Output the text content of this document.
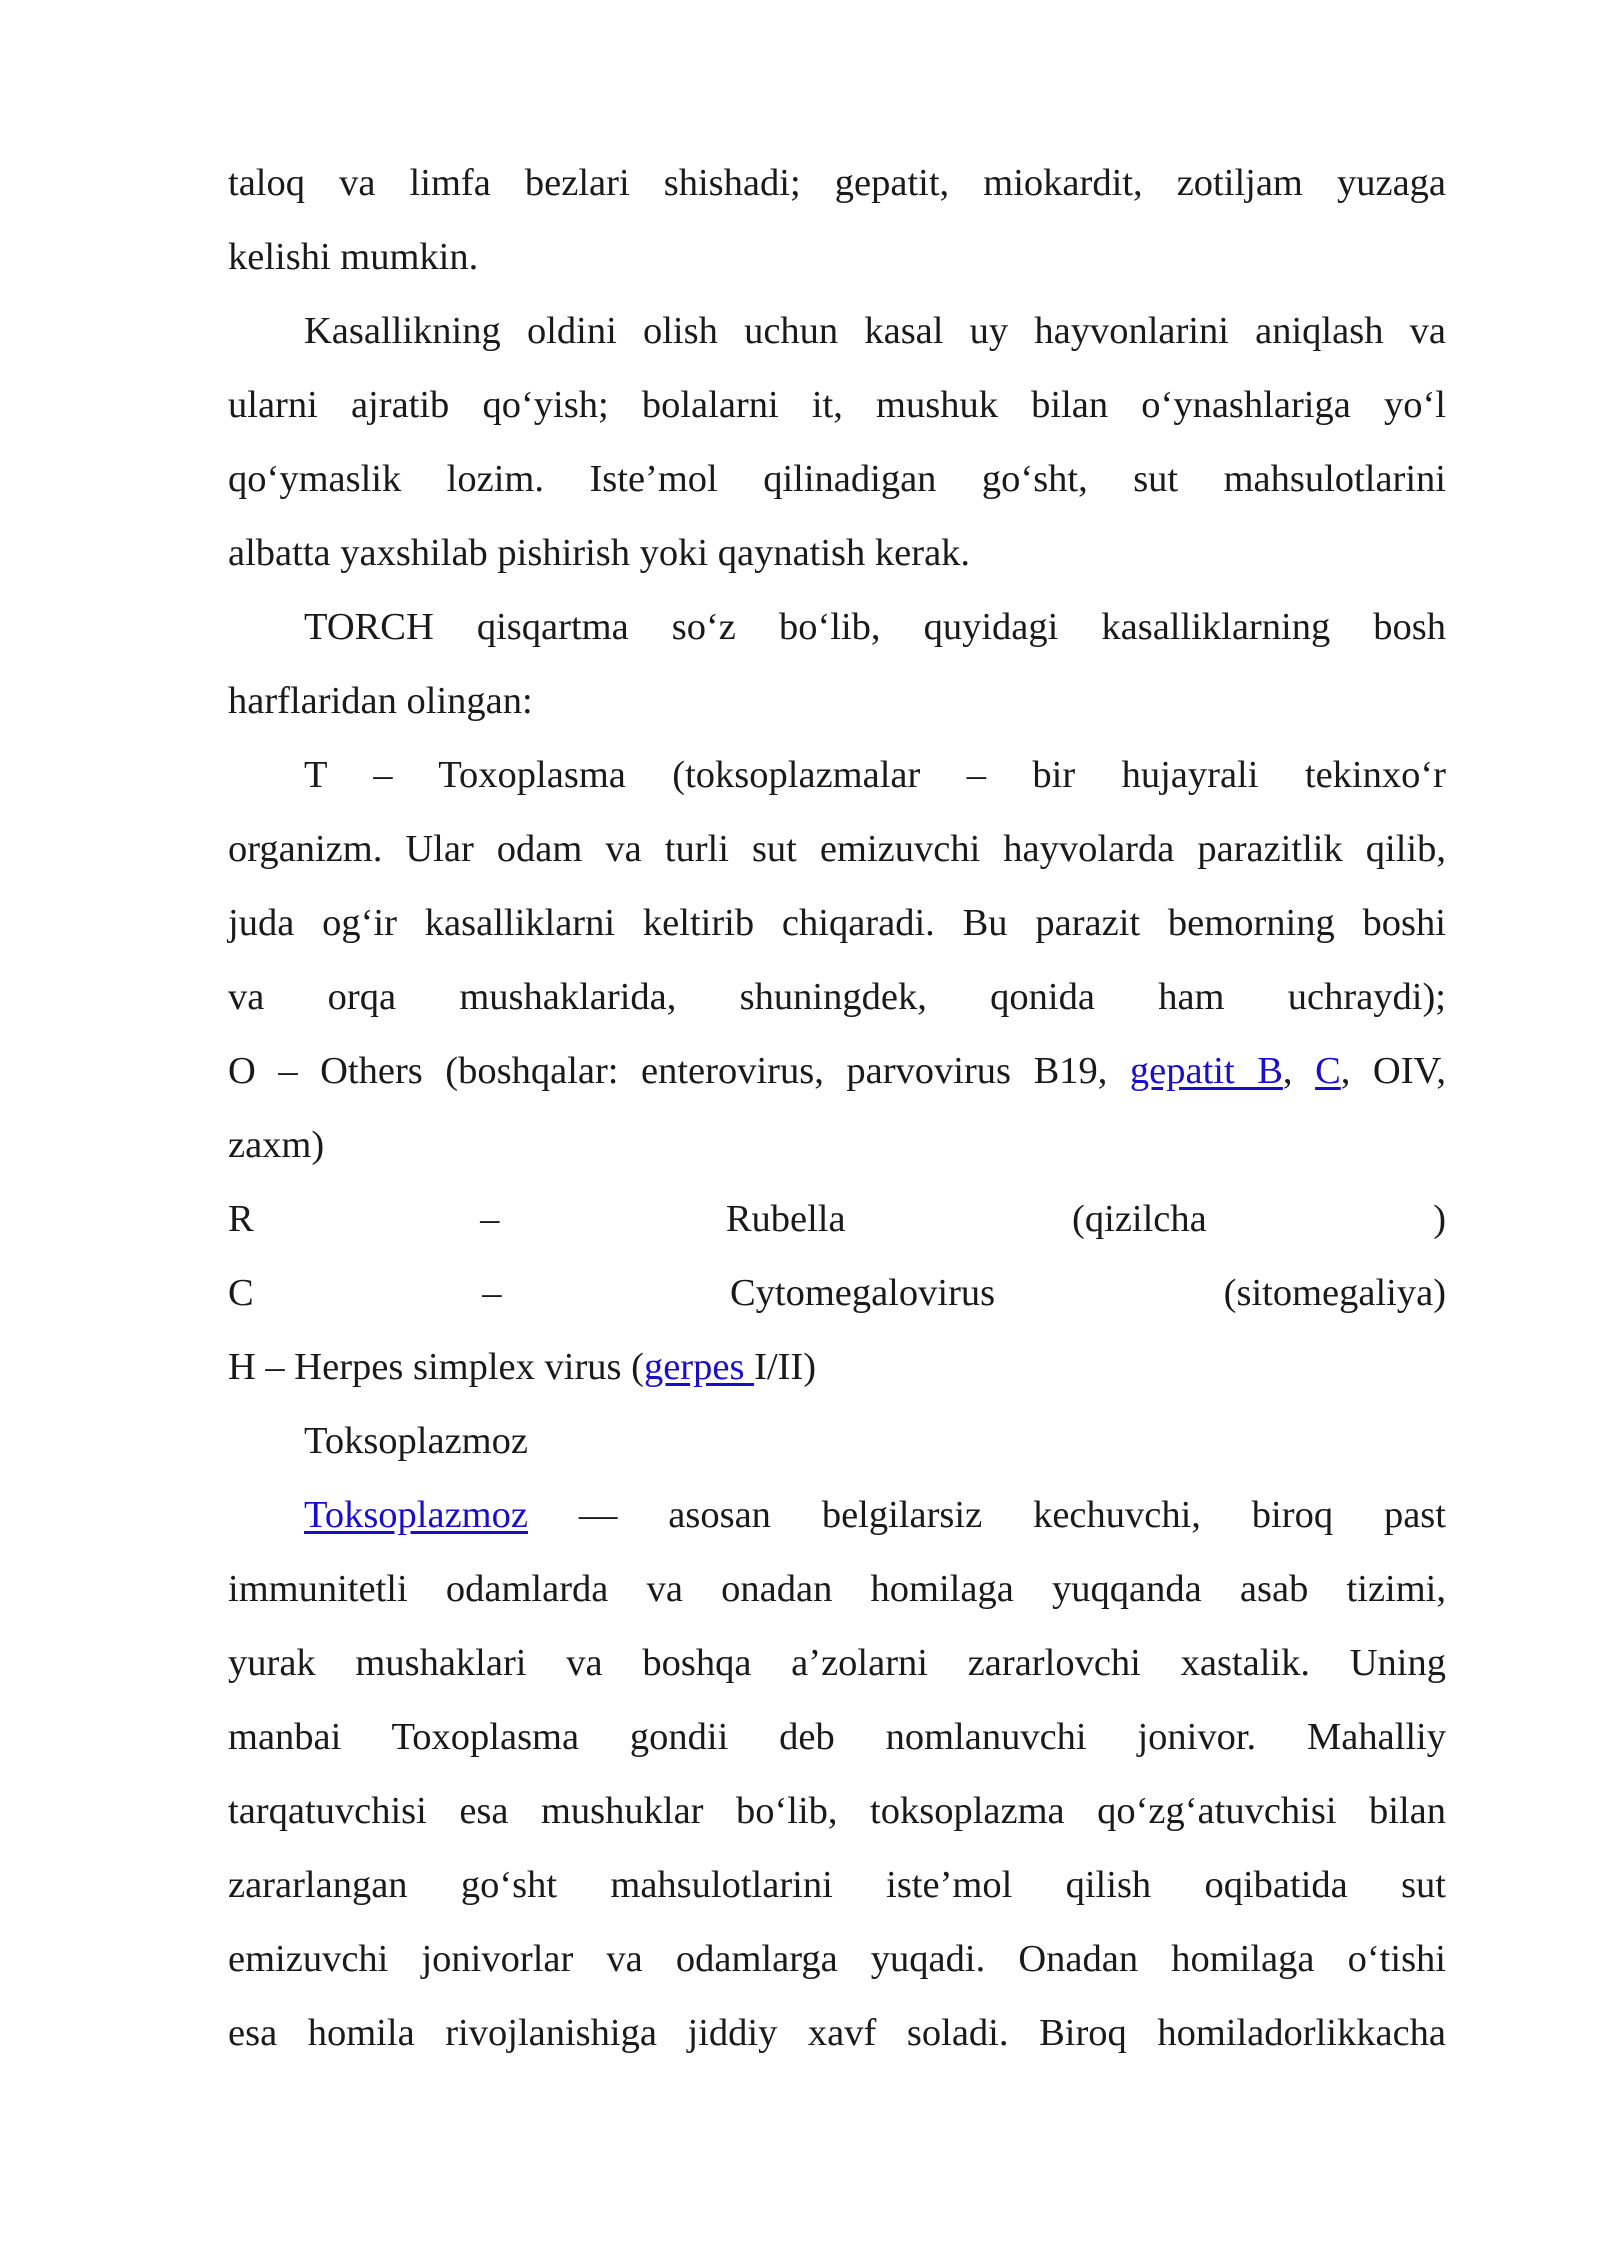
taloq va limfa bezlari shishadi; gepatit, miokardit, zotiljam yuzaga
kelishi mumkin.
Kasallikning oldini olish uchun kasal uy hayvonlarini aniqlash va
ularni ajratib qo‘yish; bolalarni it, mushuk bilan o‘ynashlariga yo‘l
qo‘ymaslik lozim. Iste’mol qilinadigan go‘sht, sut mahsulotlarini
albatta yaxshilab pishirish yoki qaynatish kerak.
TORCH qisqartma so‘z bo‘lib, quyidagi kasalliklarning bosh
harflaridan olingan:
T – Toxoplasma (toksoplazmalar – bir hujayrali tekinxo‘r
organizm. Ular odam va turli sut emizuvchi hayvolarda parazitlik qilib,
juda og‘ir kasalliklarni keltirib chiqaradi. Bu parazit bemorning boshi
va orqa mushaklarida, shuningdek, qonida ham uchraydi);
O – Others (boshqalar: enterovirus, parvovirus B19, gepatit B, C, OIV,
zaxm)
R	–	Rubella	(qizilcha	)
C	–	Cytomegalovirus	(sitomegaliya)
H – Herpes simplex virus (gerpes I/II)
Toksoplazmoz
Toksoplazmoz — asosan belgilarsiz kechuvchi, biroq past
immunitetli odamlarda va onadan homilaga yuqqanda asab tizimi,
yurak mushaklari va boshqa a’zolarni zararlovchi xastalik. Uning
manbai Toxoplasma gondii deb nomlanuvchi jonivor. Mahalliy
tarqatuvchisi esa mushuklar bo‘lib, toksoplazma qo‘zg‘atuvchisi bilan
zararlangan go‘sht mahsulotlarini iste’mol qilish oqibatida sut
emizuvchi jonivorlar va odamlarga yuqadi. Onadan homilaga o‘tishi
esa homila rivojlanishiga jiddiy xavf soladi. Biroq homiladorlikkacha
